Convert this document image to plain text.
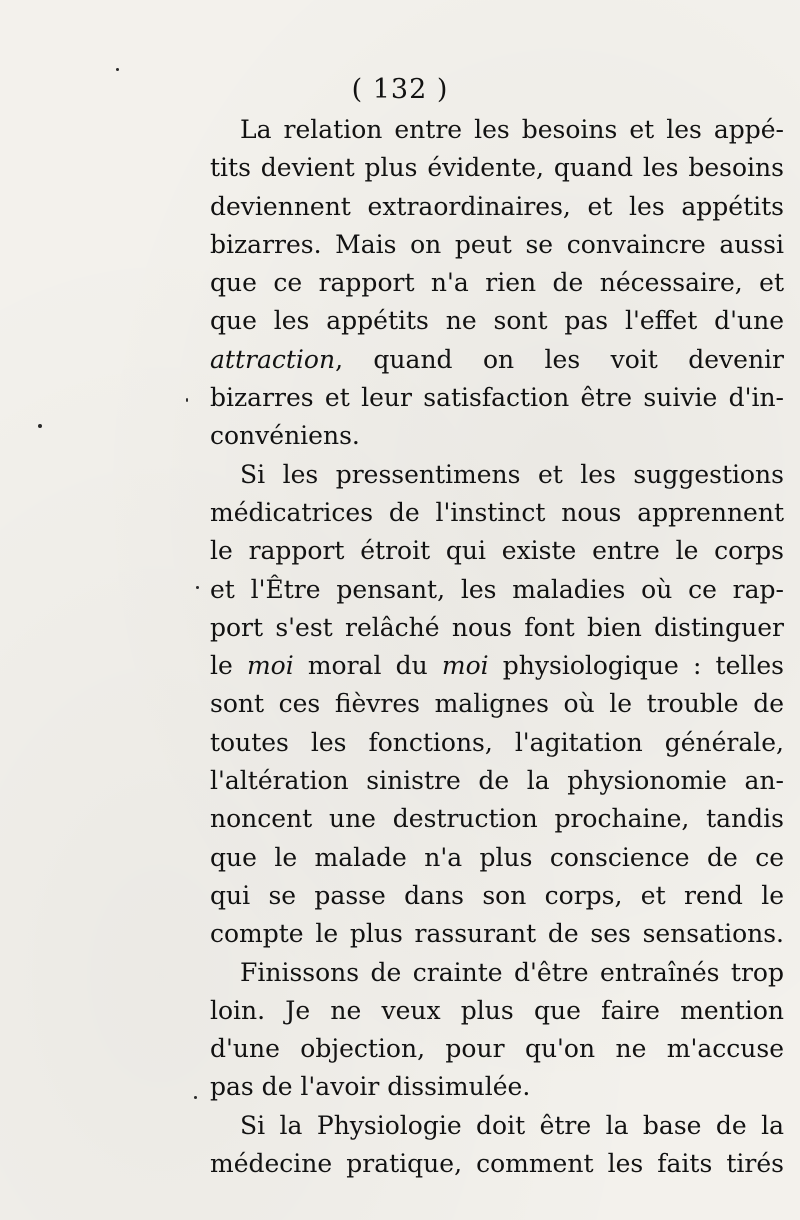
( 132 )
La relation entre les besoins et les appé-
tits devient plus évidente, quand les besoins
deviennent extraordinaires, et les appétits
bizarres. Mais on peut se convaincre aussi
que ce rapport n'a rien de nécessaire, et
que les appétits ne sont pas l'effet d'une
attraction, quand on les voit devenir
bizarres et leur satisfaction être suivie d'in-
convéniens.
Si les pressentimens et les suggestions
médicatrices de l'instinct nous apprennent
le rapport étroit qui existe entre le corps
et l'Être pensant, les maladies où ce rap-
port s'est relâché nous font bien distinguer
le moi moral du moi physiologique : telles
sont ces fièvres malignes où le trouble de
toutes les fonctions, l'agitation générale,
l'altération sinistre de la physionomie an-
noncent une destruction prochaine, tandis
que le malade n'a plus conscience de ce
qui se passe dans son corps, et rend le
compte le plus rassurant de ses sensations.
Finissons de crainte d'être entraînés trop
loin. Je ne veux plus que faire mention
d'une objection, pour qu'on ne m'accuse
pas de l'avoir dissimulée.
Si la Physiologie doit être la base de la
médecine pratique, comment les faits tirés
